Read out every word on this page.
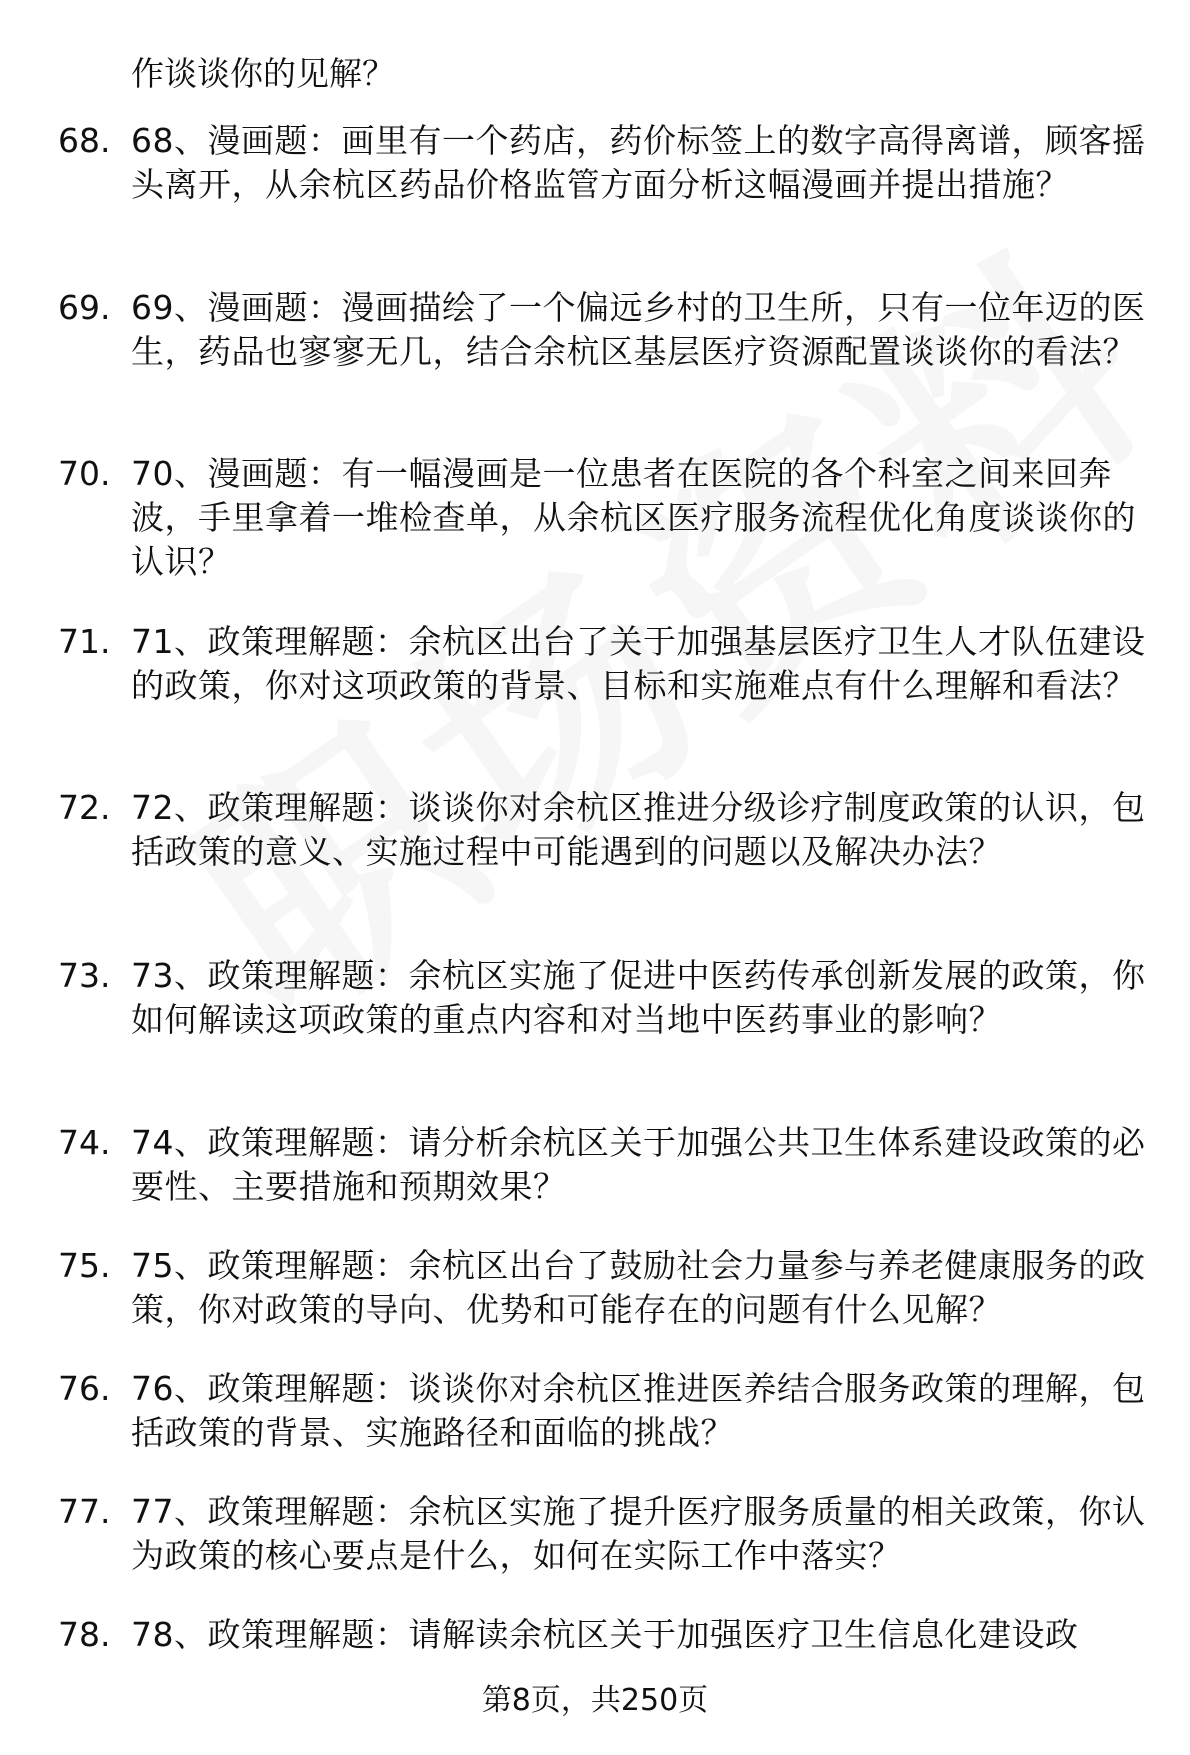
作谈谈你的见解？
68. 68、漫画题：画里有一个药店，药价标签上的数字高得离谱，顾客摇头离开，从余杭区药品价格监管方面分析这幅漫画并提出措施？
69. 69、漫画题：漫画描绘了一个偏远乡村的卫生所，只有一位年迈的医生，药品也寥寥无几，结合余杭区基层医疗资源配置谈谈你的看法？
70. 70、漫画题：有一幅漫画是一位患者在医院的各个科室之间来回奔波，手里拿着一堆检查单，从余杭区医疗服务流程优化角度谈谈你的认识？
71. 71、政策理解题：余杭区出台了关于加强基层医疗卫生人才队伍建设的政策，你对这项政策的背景、目标和实施难点有什么理解和看法？
72. 72、政策理解题：谈谈你对余杭区推进分级诊疗制度政策的认识，包括政策的意义、实施过程中可能遇到的问题以及解决办法？
73. 73、政策理解题：余杭区实施了促进中医药传承创新发展的政策，你如何解读这项政策的重点内容和对当地中医药事业的影响？
74. 74、政策理解题：请分析余杭区关于加强公共卫生体系建设政策的必要性、主要措施和预期效果？
75. 75、政策理解题：余杭区出台了鼓励社会力量参与养老健康服务的政策，你对政策的导向、优势和可能存在的问题有什么见解？
76. 76、政策理解题：谈谈你对余杭区推进医养结合服务政策的理解，包括政策的背景、实施路径和面临的挑战？
77. 77、政策理解题：余杭区实施了提升医疗服务质量的相关政策，你认为政策的核心要点是什么，如何在实际工作中落实？
78. 78、政策理解题：请解读余杭区关于加强医疗卫生信息化建设政
第8页，共250页
